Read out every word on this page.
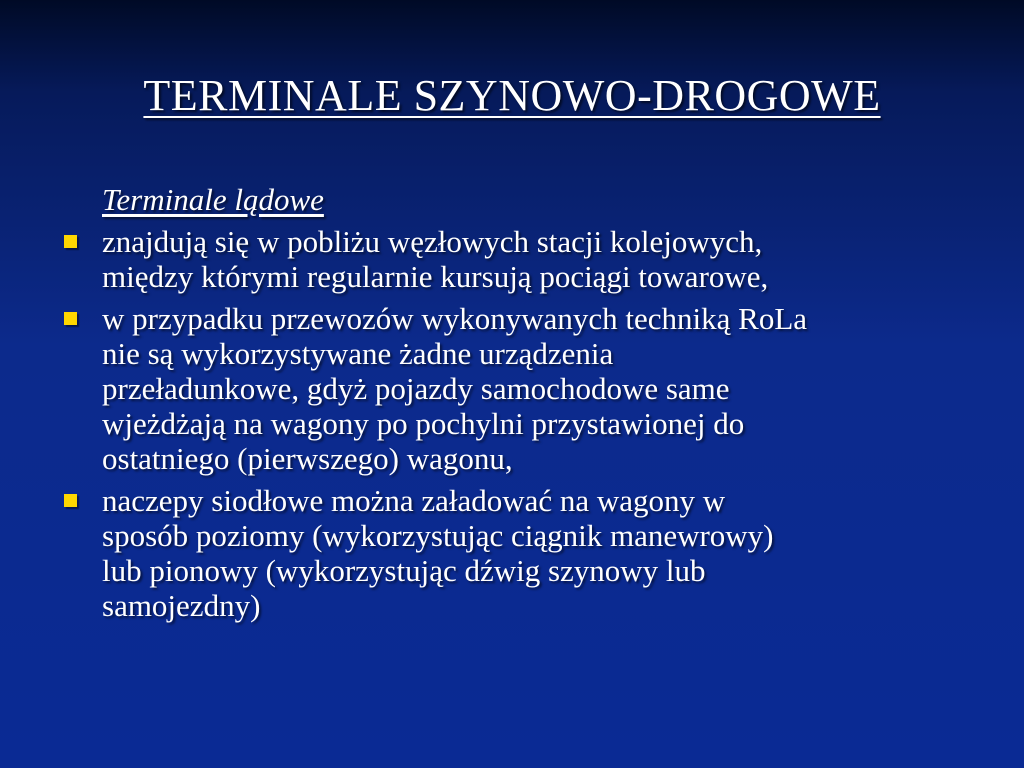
TERMINALE SZYNOWO-DROGOWE
Terminale lądowe
znajdują się w pobliżu węzłowych stacji kolejowych,
między którymi regularnie kursują pociągi towarowe,
w przypadku przewozów wykonywanych techniką RoLa
nie są wykorzystywane żadne urządzenia
przeładunkowe, gdyż pojazdy samochodowe same
wjeżdżają na wagony po pochylni przystawionej do
ostatniego (pierwszego) wagonu,
naczepy siodłowe można załadować na wagony w
sposób poziomy (wykorzystując ciągnik manewrowy)
lub pionowy (wykorzystując dźwig szynowy lub
samojezdny)
